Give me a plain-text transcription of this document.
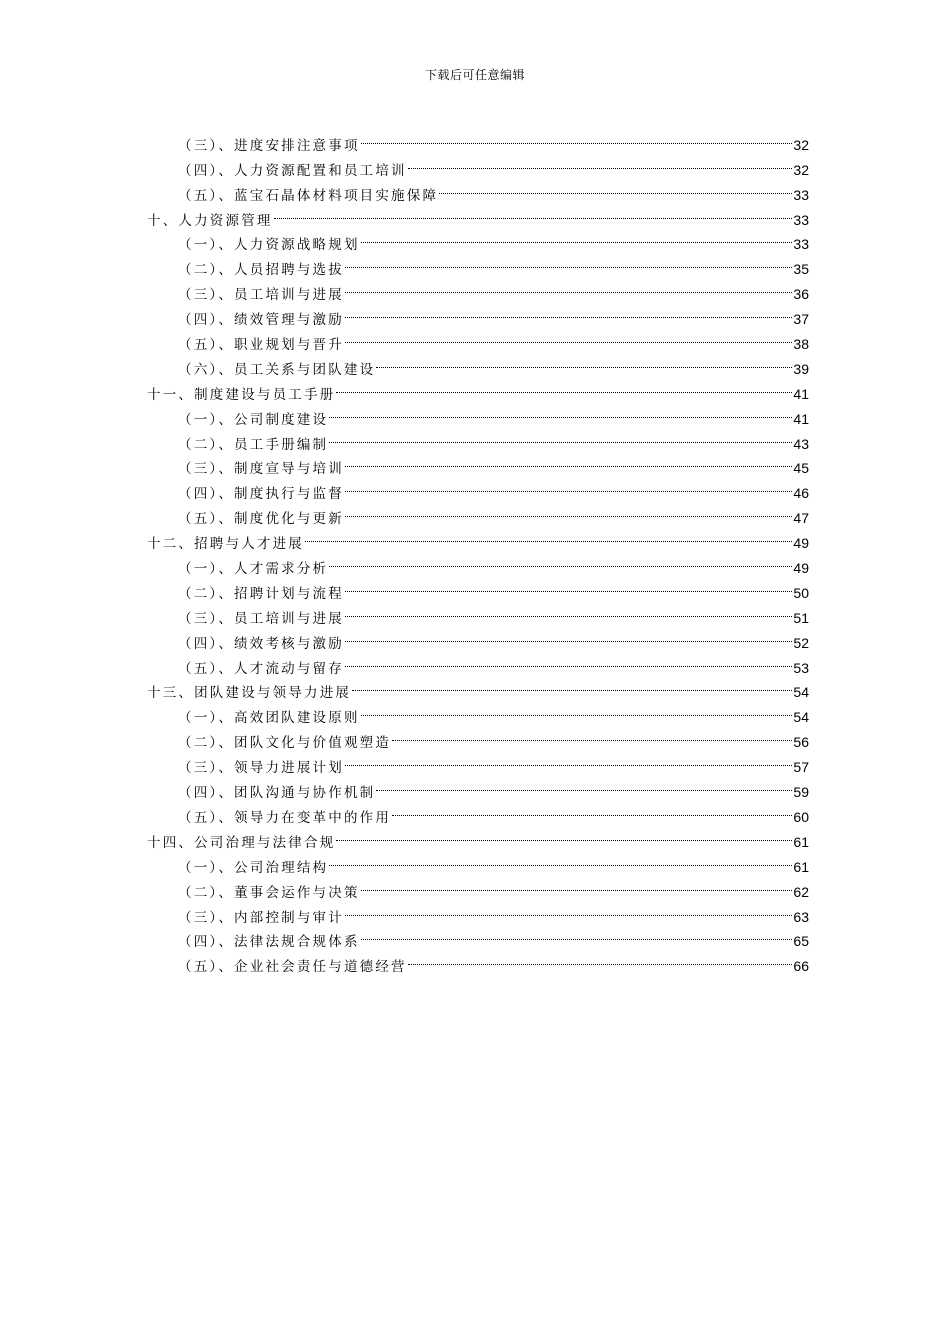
下载后可任意编辑
（三）、进度安排注意事项	32
（四）、人力资源配置和员工培训	32
（五）、蓝宝石晶体材料项目实施保障	33
十、人力资源管理	33
（一）、人力资源战略规划	33
（二）、人员招聘与选拔	35
（三）、员工培训与进展	36
（四）、绩效管理与激励	37
（五）、职业规划与晋升	38
（六）、员工关系与团队建设	39
十一、制度建设与员工手册	41
（一）、公司制度建设	41
（二）、员工手册编制	43
（三）、制度宣导与培训	45
（四）、制度执行与监督	46
（五）、制度优化与更新	47
十二、招聘与人才进展	49
（一）、人才需求分析	49
（二）、招聘计划与流程	50
（三）、员工培训与进展	51
（四）、绩效考核与激励	52
（五）、人才流动与留存	53
十三、团队建设与领导力进展	54
（一）、高效团队建设原则	54
（二）、团队文化与价值观塑造	56
（三）、领导力进展计划	57
（四）、团队沟通与协作机制	59
（五）、领导力在变革中的作用	60
十四、公司治理与法律合规	61
（一）、公司治理结构	61
（二）、董事会运作与决策	62
（三）、内部控制与审计	63
（四）、法律法规合规体系	65
（五）、企业社会责任与道德经营	66
